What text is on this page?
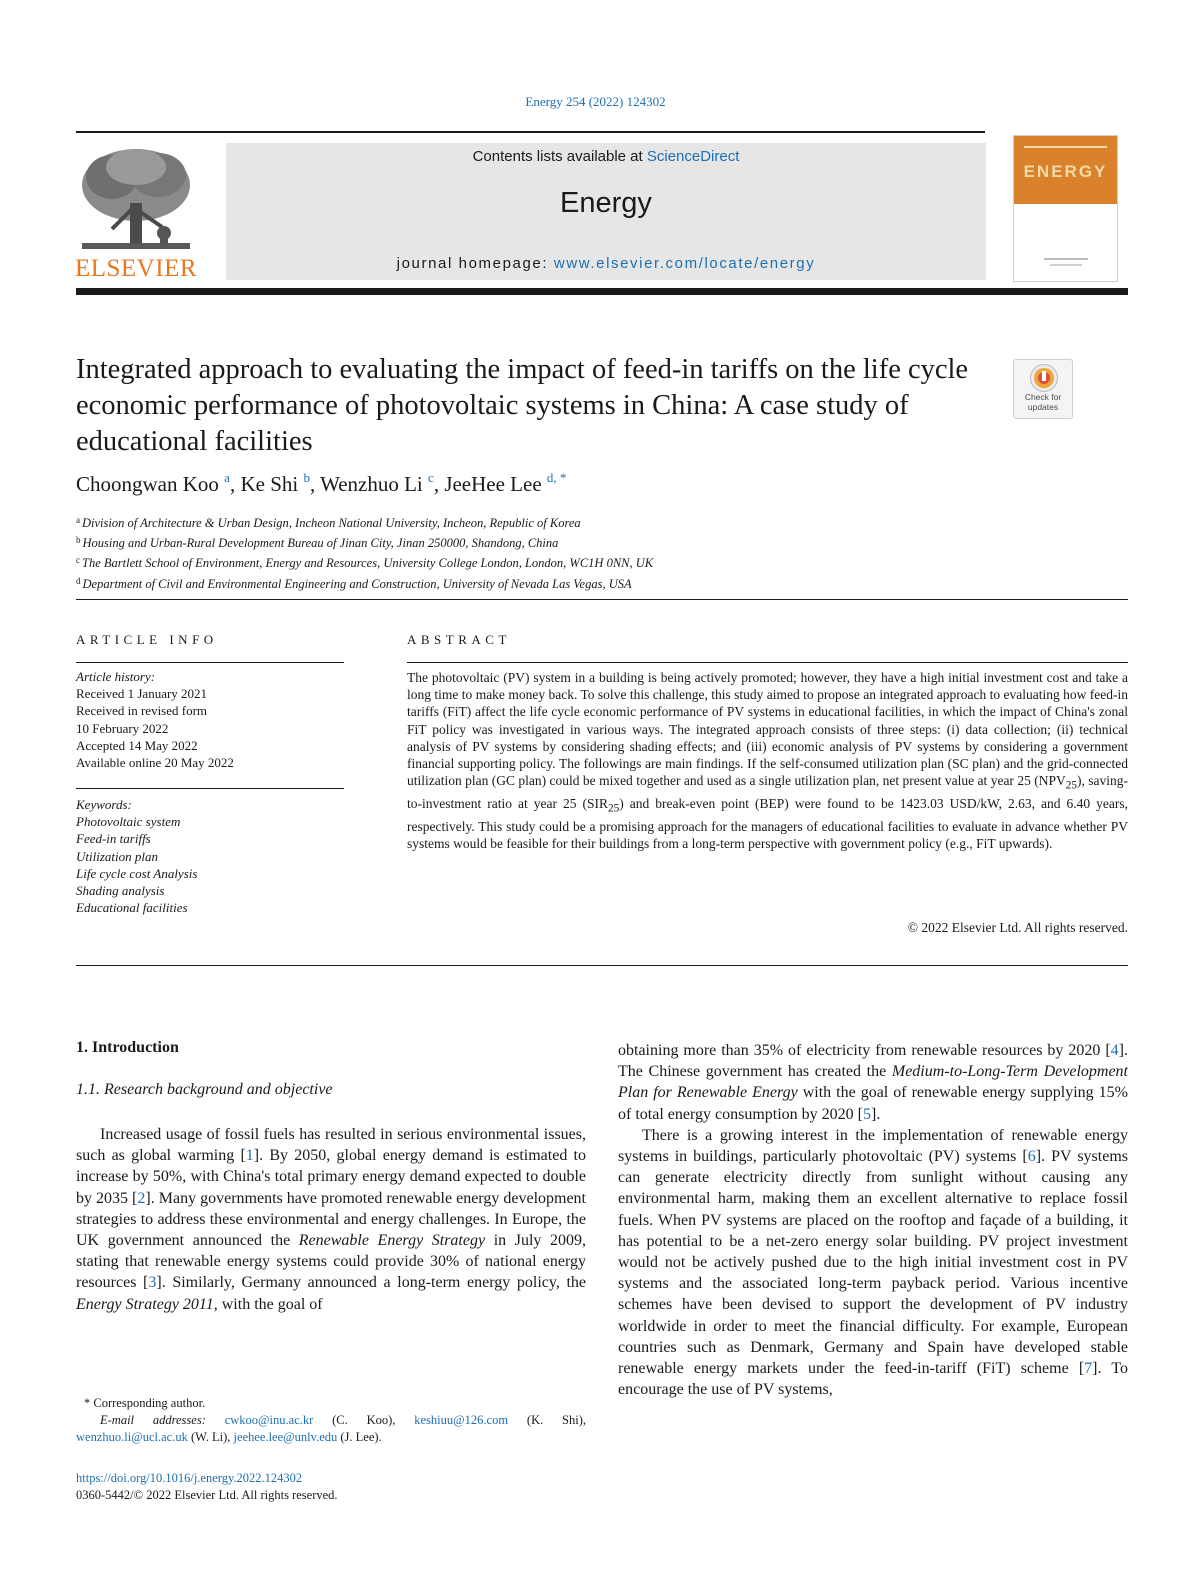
Energy 254 (2022) 124302
ELSEVIER
Contents lists available at ScienceDirect
Energy
journal homepage: www.elsevier.com/locate/energy
ENERGY
Integrated approach to evaluating the impact of feed-in tariffs on the life cycle economic performance of photovoltaic systems in China: A case study of educational facilities
Check for updates
Choongwan Koo $^a$, Ke Shi $^b$, Wenzhuo Li $^c$, JeeHee Lee $^{d, *}$
$^a$ Division of Architecture & Urban Design, Incheon National University, Incheon, Republic of Korea
$^b$ Housing and Urban-Rural Development Bureau of Jinan City, Jinan 250000, Shandong, China
$^c$ The Bartlett School of Environment, Energy and Resources, University College London, London, WC1H 0NN, UK
$^d$ Department of Civil and Environmental Engineering and Construction, University of Nevada Las Vegas, USA
ARTICLE INFO	ABSTRACT
Article history:
Received 1 January 2021
Received in revised form
10 February 2022
Accepted 14 May 2022
Available online 20 May 2022
Keywords:
Photovoltaic system
Feed-in tariffs
Utilization plan
Life cycle cost Analysis
Shading analysis
Educational facilities
The photovoltaic (PV) system in a building is being actively promoted; however, they have a high initial investment cost and take a long time to make money back. To solve this challenge, this study aimed to propose an integrated approach to evaluating how feed-in tariffs (FiT) affect the life cycle economic performance of PV systems in educational facilities, in which the impact of China's zonal FiT policy was investigated in various ways. The integrated approach consists of three steps: (i) data collection; (ii) technical analysis of PV systems by considering shading effects; and (iii) economic analysis of PV systems by considering a government financial supporting policy. The followings are main findings. If the self-consumed utilization plan (SC plan) and the grid-connected utilization plan (GC plan) could be mixed together and used as a single utilization plan, net present value at year 25 $(NPV_{25})$, saving-to-investment ratio at year 25 $(SIR_{25})$ and break-even point (BEP) were found to be 1423.03 USD/kW, 2.63, and 6.40 years, respectively. This study could be a promising approach for the managers of educational facilities to evaluate in advance whether PV systems would be feasible for their buildings from a long-term perspective with government policy (e.g., FiT upwards).
© 2022 Elsevier Ltd. All rights reserved.
1. Introduction
1.1. Research background and objective

Increased usage of fossil fuels has resulted in serious environmental issues, such as global warming [1]. By 2050, global energy demand is estimated to increase by 50%, with China's total primary energy demand expected to double by 2035 [2]. Many governments have promoted renewable energy development strategies to address these environmental and energy challenges. In Europe, the UK government announced the Renewable Energy Strategy in July 2009, stating that renewable energy systems could provide 30% of national energy resources [3]. Similarly, Germany announced a long-term energy policy, the Energy Strategy 2011, with the goal of

obtaining more than 35% of electricity from renewable resources by 2020 [4]. The Chinese government has created the Medium-to-Long-Term Development Plan for Renewable Energy with the goal of renewable energy supplying 15% of total energy consumption by 2020 [5].

There is a growing interest in the implementation of renewable energy systems in buildings, particularly photovoltaic (PV) systems [6]. PV systems can generate electricity directly from sunlight without causing any environmental harm, making them an excellent alternative to replace fossil fuels. When PV systems are placed on the rooftop and façade of a building, it has potential to be a net-zero energy solar building. PV project investment would not be actively pushed due to the high initial investment cost in PV systems and the associated long-term payback period. Various incentive schemes have been devised to support the development of PV industry worldwide in order to meet the financial difficulty. For example, European countries such as Denmark, Germany and Spain have developed stable renewable energy markets under the feed-in-tariff (FiT) scheme [7]. To encourage the use of PV systems,

* Corresponding author.
E-mail addresses: cwkoo@inu.ac.kr (C. Koo), keshiuu@126.com (K. Shi), wenzhuo.li@ucl.ac.uk (W. Li), jeehee.lee@unlv.edu (J. Lee).
https://doi.org/10.1016/j.energy.2022.124302
0360-5442/© 2022 Elsevier Ltd. All rights reserved.
